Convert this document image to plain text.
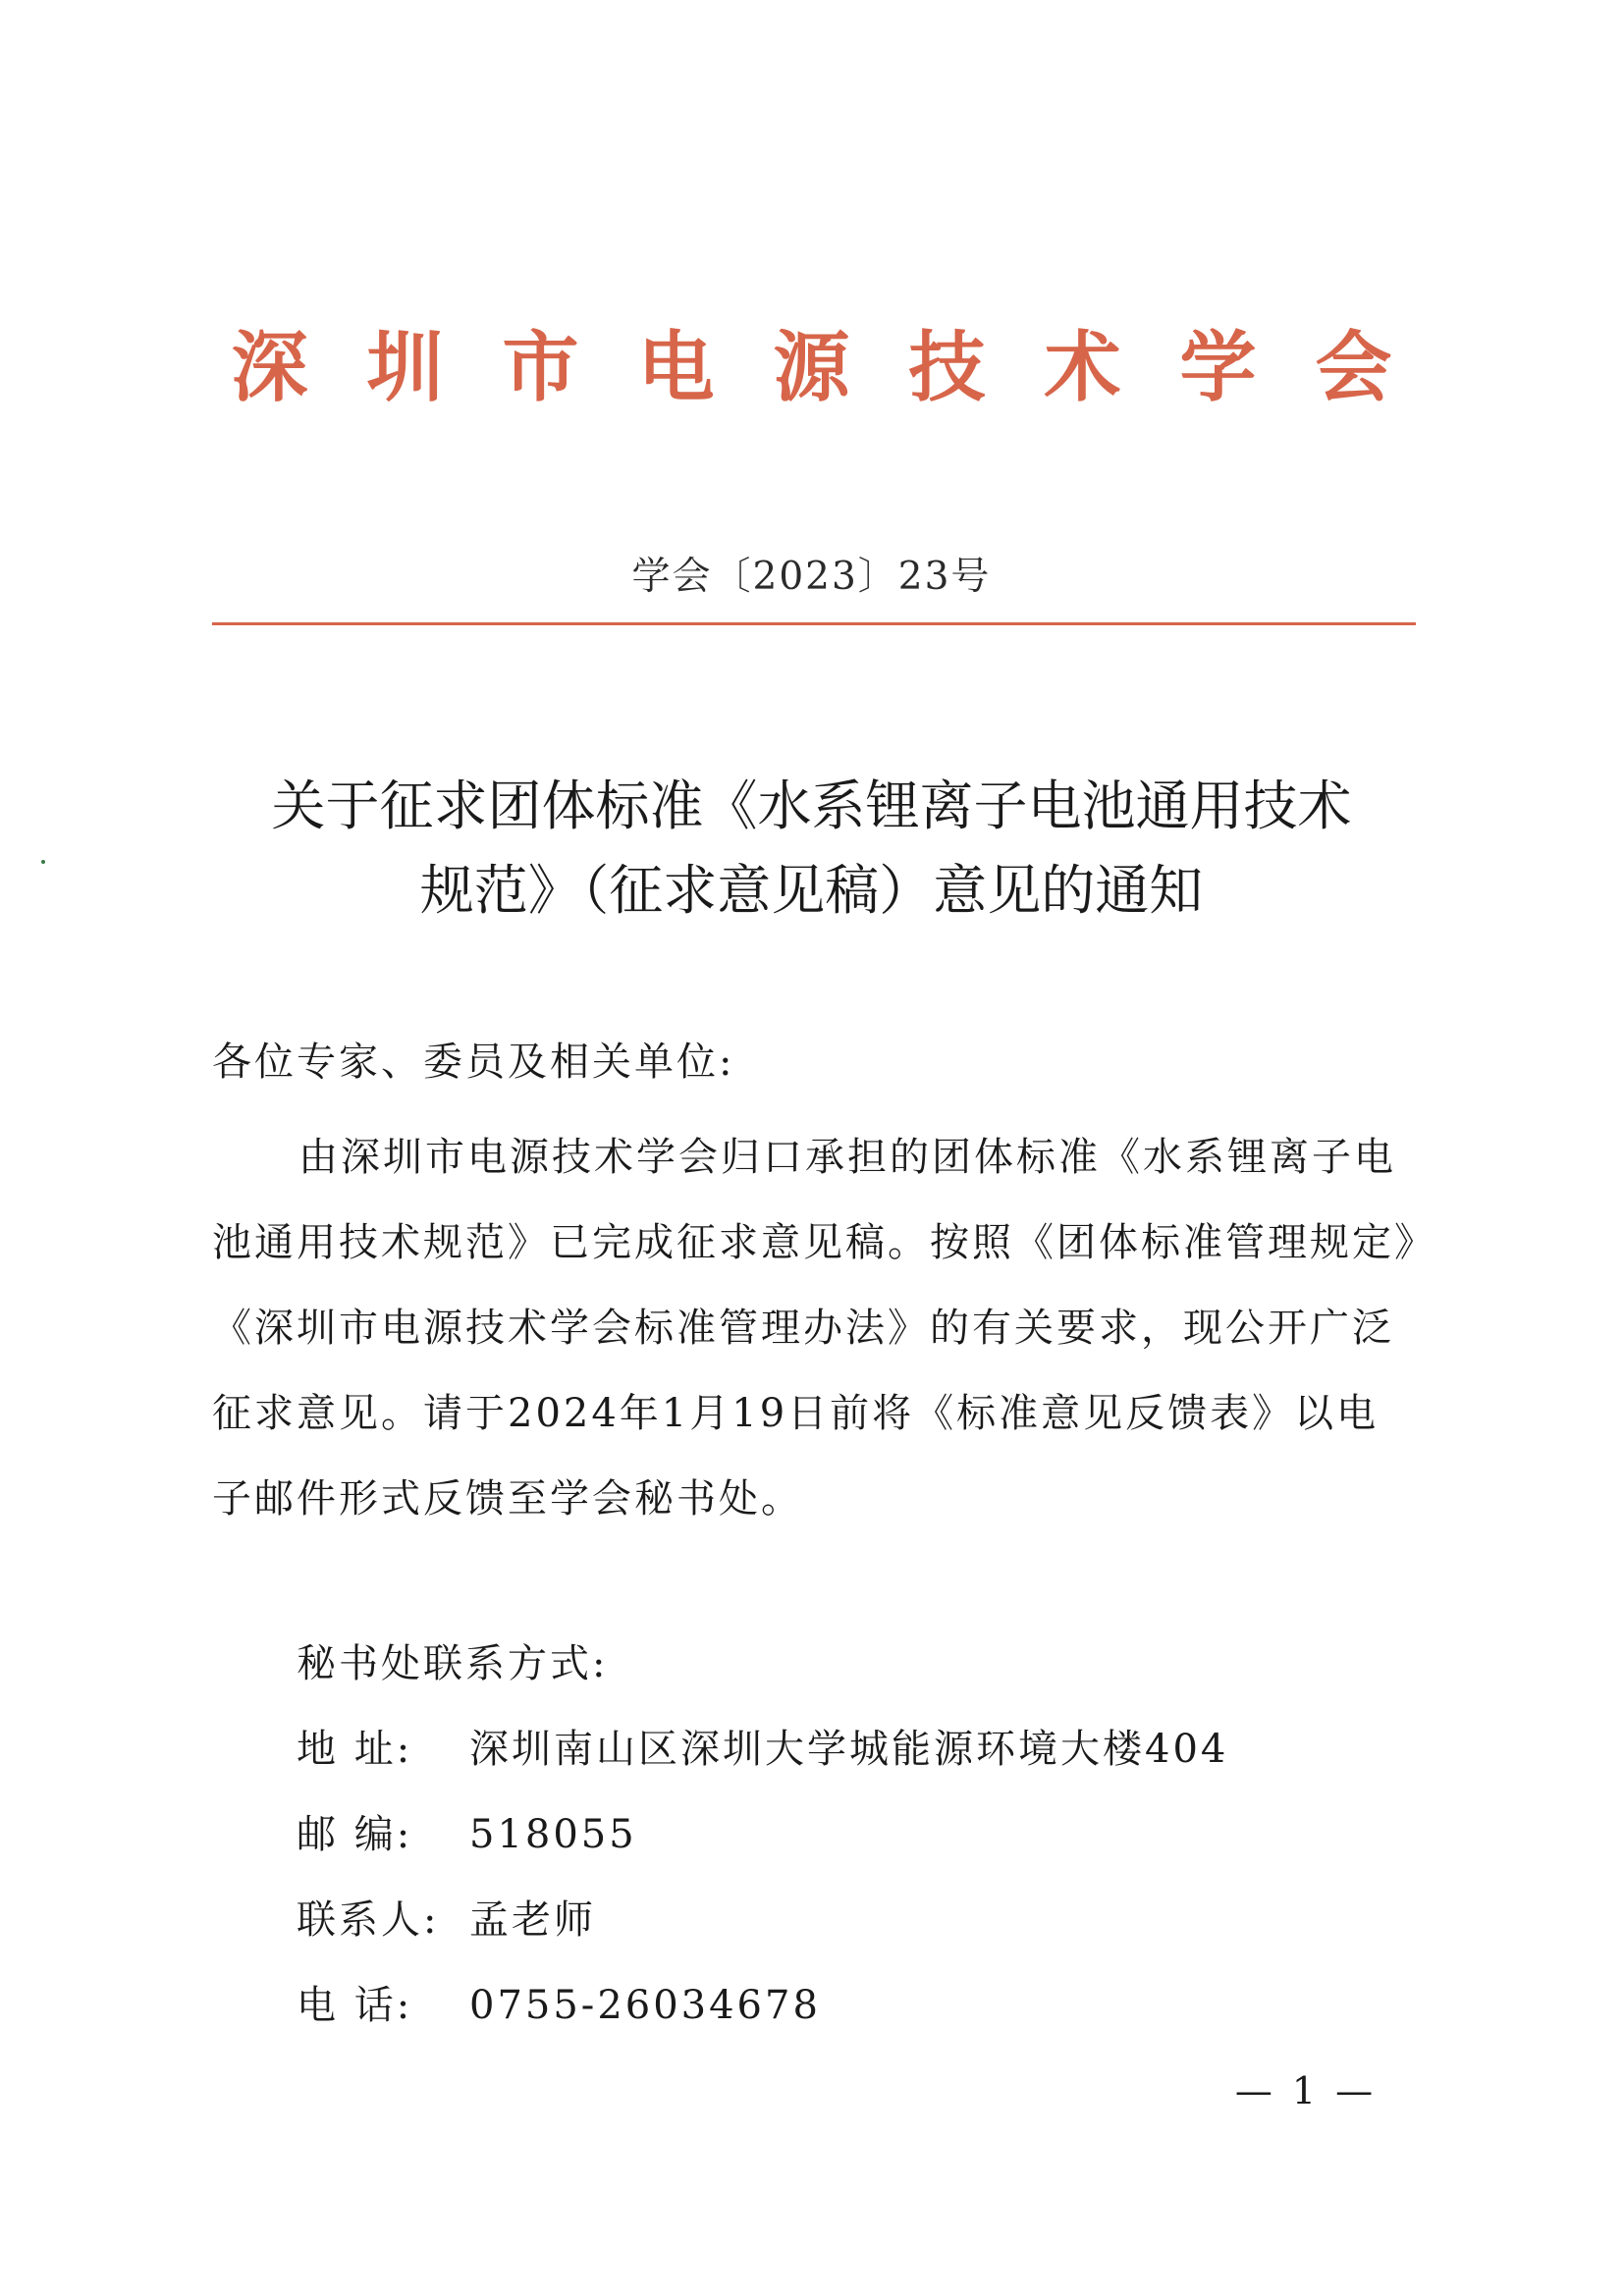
深圳市电源技术学会
学会〔2023〕23号
关于征求团体标准《水系锂离子电池通用技术
规范》（征求意见稿）意见的通知
各位专家、委员及相关单位:
由深圳市电源技术学会归口承担的团体标准《水系锂离子电
池通用技术规范》已完成征求意见稿。按照《团体标准管理规定》
《深圳市电源技术学会标准管理办法》的有关要求，现公开广泛
征求意见。请于2024年1月19日前将《标准意见反馈表》以电
子邮件形式反馈至学会秘书处。
秘书处联系方式:
地 址: 深圳南山区深圳大学城能源环境大楼404
邮 编: 518055
联系人: 孟老师
电 话: 0755-26034678
— 1 —
